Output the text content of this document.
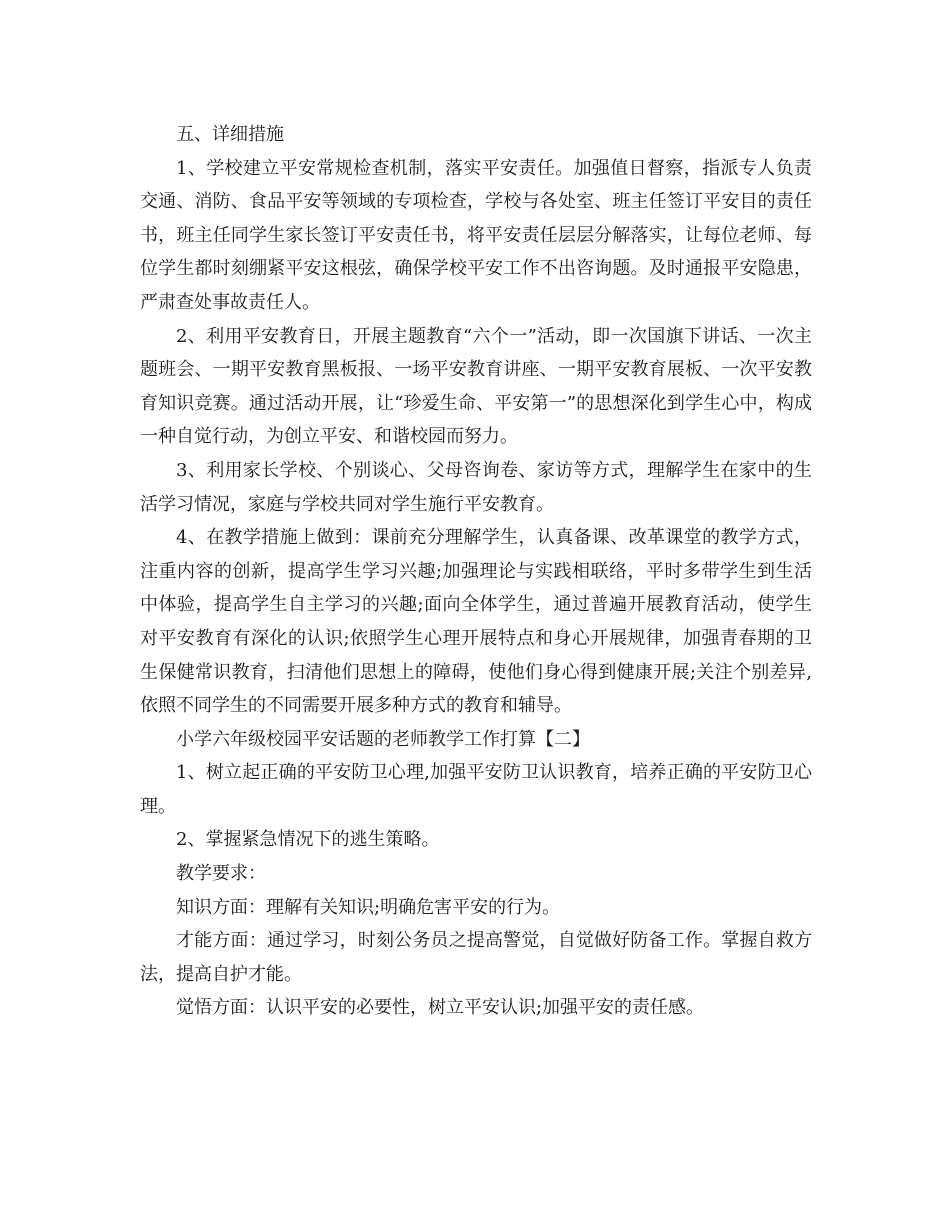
五、详细措施

1、学校建立平安常规检查机制，落实平安责任。加强值日督察，指派专人负责交通、消防、食品平安等领域的专项检查，学校与各处室、班主任签订平安目的责任书，班主任同学生家长签订平安责任书，将平安责任层层分解落实，让每位老师、每位学生都时刻绷紧平安这根弦，确保学校平安工作不出咨询题。及时通报平安隐患，严肃查处事故责任人。

2、利用平安教育日，开展主题教育“六个一”活动，即一次国旗下讲话、一次主题班会、一期平安教育黑板报、一场平安教育讲座、一期平安教育展板、一次平安教育知识竞赛。通过活动开展，让“珍爱生命、平安第一”的思想深化到学生心中，构成一种自觉行动，为创立平安、和谐校园而努力。

3、利用家长学校、个别谈心、父母咨询卷、家访等方式，理解学生在家中的生活学习情况，家庭与学校共同对学生施行平安教育。

4、在教学措施上做到：课前充分理解学生，认真备课、改革课堂的教学方式，注重内容的创新，提高学生学习兴趣;加强理论与实践相联络，平时多带学生到生活中体验，提高学生自主学习的兴趣;面向全体学生，通过普遍开展教育活动，使学生对平安教育有深化的认识;依照学生心理开展特点和身心开展规律，加强青春期的卫生保健常识教育，扫清他们思想上的障碍，使他们身心得到健康开展;关注个别差异,依照不同学生的不同需要开展多种方式的教育和辅导。

小学六年级校园平安话题的老师教学工作打算【二】

1、树立起正确的平安防卫心理,加强平安防卫认识教育，培养正确的平安防卫心理。

2、掌握紧急情况下的逃生策略。

教学要求：

知识方面：理解有关知识;明确危害平安的行为。

才能方面：通过学习，时刻公务员之提高警觉，自觉做好防备工作。掌握自救方法，提高自护才能。

觉悟方面：认识平安的必要性，树立平安认识;加强平安的责任感。
